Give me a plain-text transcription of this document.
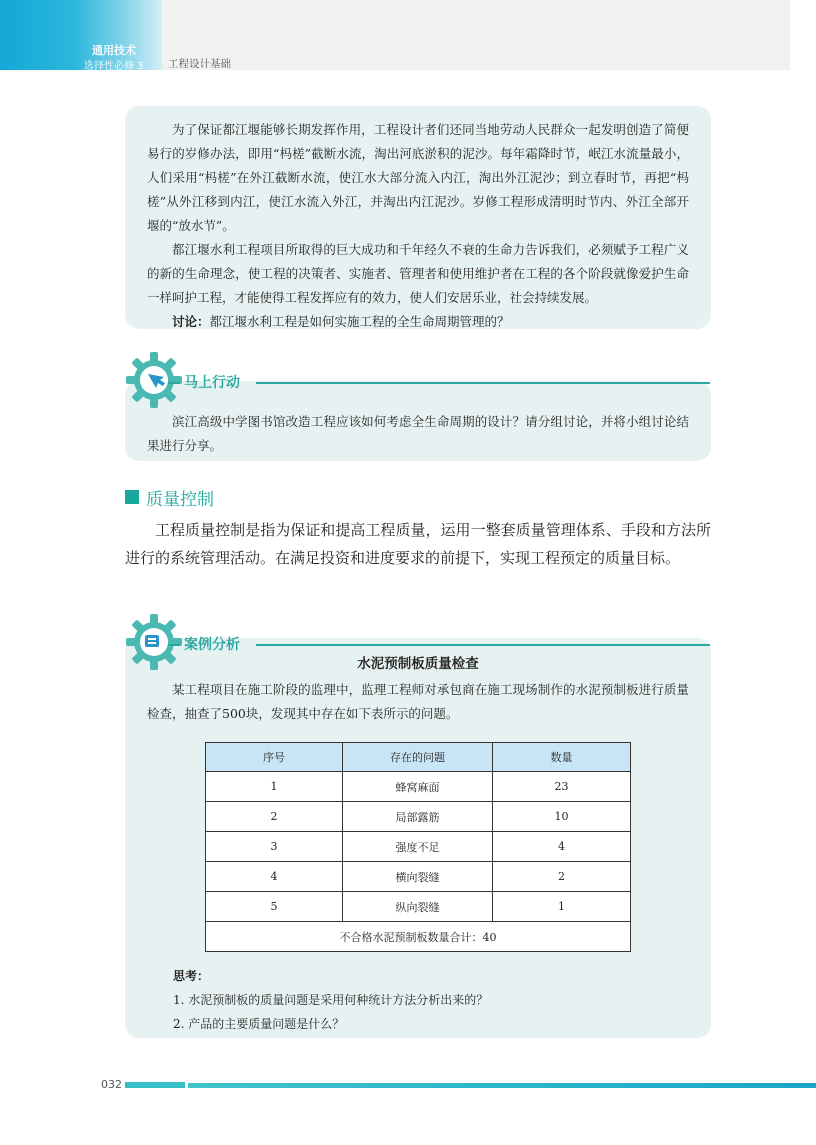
通用技术
选择性必修 3 工程设计基础

为了保证都江堰能够长期发挥作用，工程设计者们还同当地劳动人民群众一起发明创造了简便易行的岁修办法，即用“杩槎”截断水流，淘出河底淤积的泥沙。每年霜降时节，岷江水流量最小，人们采用“杩槎”在外江截断水流，使江水大部分流入内江，淘出外江泥沙；到立春时节，再把“杩槎”从外江移到内江，使江水流入外江，并淘出内江泥沙。岁修工程形成清明时节内、外江全部开堰的“放水节”。

都江堰水利工程项目所取得的巨大成功和千年经久不衰的生命力告诉我们，必须赋予工程广义的新的生命理念，使工程的决策者、实施者、管理者和使用维护者在工程的各个阶段就像爱护生命一样呵护工程，才能使得工程发挥应有的效力，使人们安居乐业，社会持续发展。

讨论：都江堰水利工程是如何实施工程的全生命周期管理的？

滨江高级中学图书馆改造工程应该如何考虑全生命周期的设计？请分组讨论，并将小组讨论结果进行分享。

马上行动
质量控制

工程质量控制是指为保证和提高工程质量，运用一整套质量管理体系、手段和方法所进行的系统管理活动。在满足投资和进度要求的前提下，实现工程预定的质量目标。

水泥预制板质量检查

某工程项目在施工阶段的监理中，监理工程师对承包商在施工现场制作的水泥预制板进行质量检查，抽查了500块，发现其中存在如下表所示的问题。

序号	存在的问题	数量
1	蜂窝麻面	23
2	局部露筋	10
3	强度不足	4
4	横向裂缝	2
5	纵向裂缝	1
不合格水泥预制板数量合计：40		
思考：
1. 水泥预制板的质量问题是采用何种统计方法分析出来的？
2. 产品的主要质量问题是什么？
案例分析
032
